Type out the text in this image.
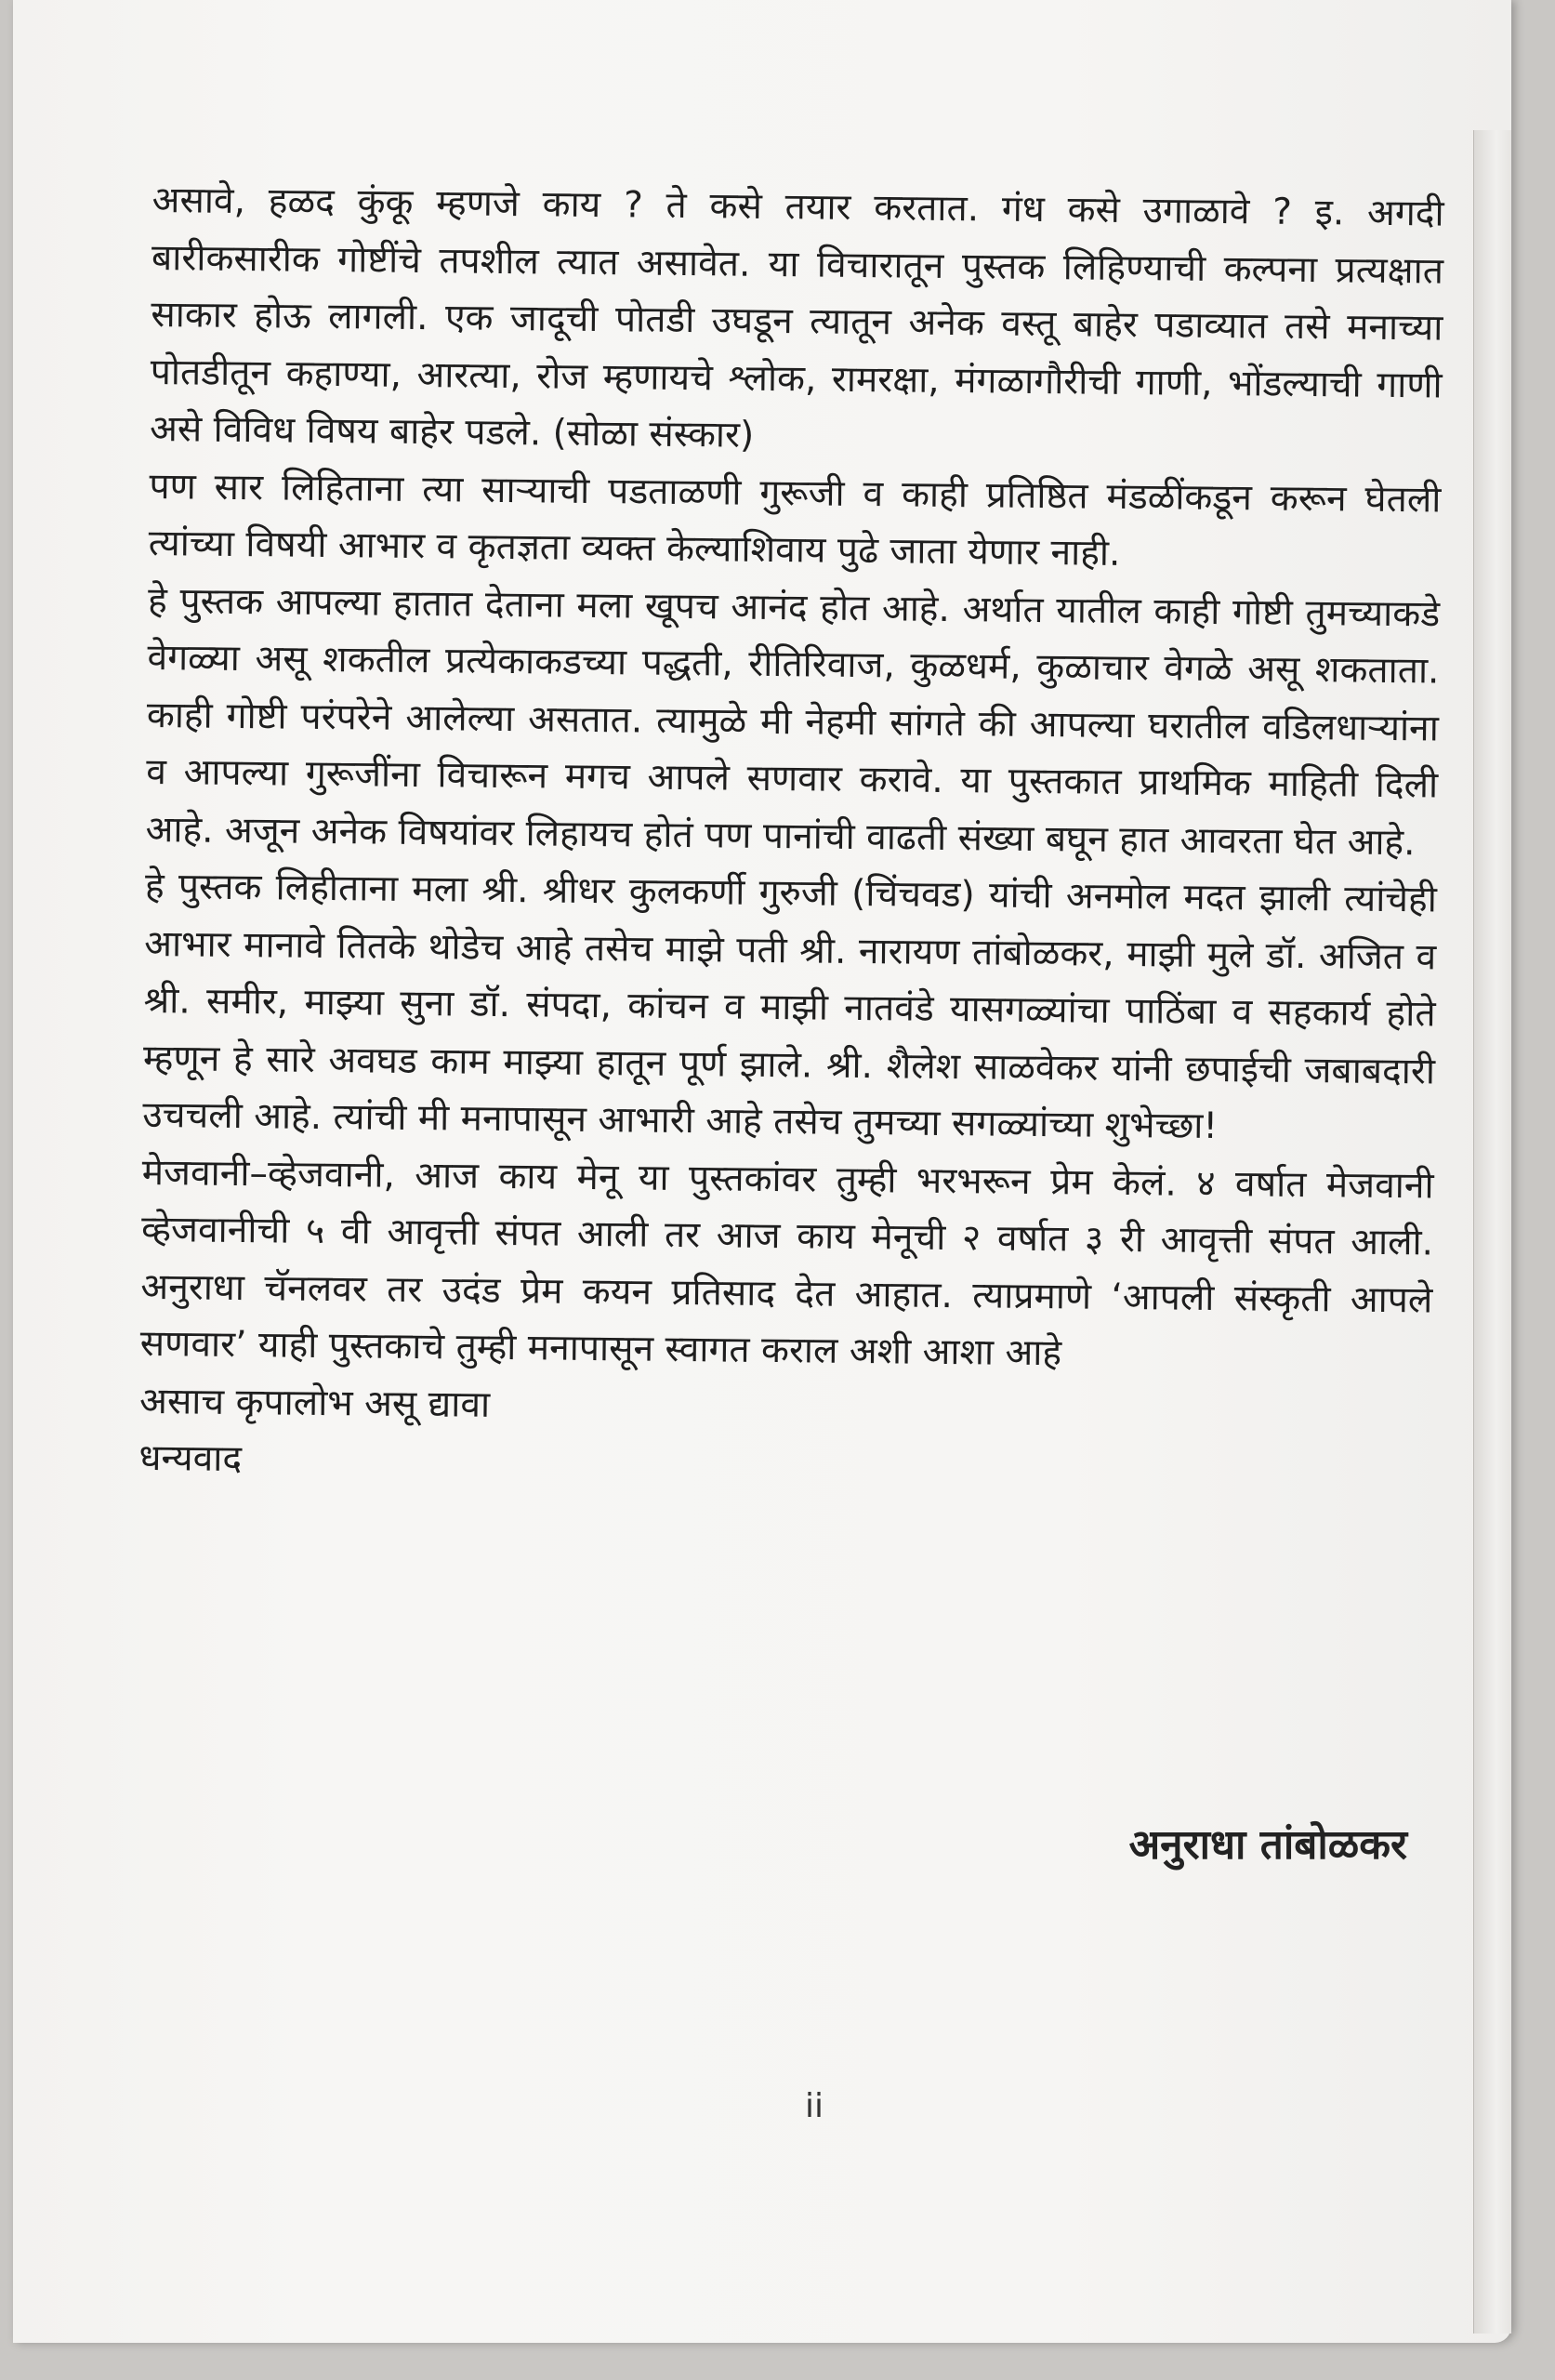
असावे, हळद कुंकू म्हणजे काय ? ते कसे तयार करतात. गंध कसे उगाळावे ? इ. अगदी बारीकसारीक गोष्टींचे तपशील त्यात असावेत. या विचारातून पुस्तक लिहिण्याची कल्पना प्रत्यक्षात साकार होऊ लागली. एक जादूची पोतडी उघडून त्यातून अनेक वस्तू बाहेर पडाव्यात तसे मनाच्या पोतडीतून कहाण्या, आरत्या, रोज म्हणायचे श्लोक, रामरक्षा, मंगळागौरीची गाणी, भोंडल्याची गाणी असे विविध विषय बाहेर पडले. (सोळा संस्कार)

पण सार लिहिताना त्या साऱ्याची पडताळणी गुरूजी व काही प्रतिष्ठित मंडळींकडून करून घेतली त्यांच्या विषयी आभार व कृतज्ञता व्यक्त केल्याशिवाय पुढे जाता येणार नाही.

हे पुस्तक आपल्या हातात देताना मला खूपच आनंद होत आहे. अर्थात यातील काही गोष्टी तुमच्याकडे वेगळ्या असू शकतील प्रत्येकाकडच्या पद्धती, रीतिरिवाज, कुळधर्म, कुळाचार वेगळे असू शकताता. काही गोष्टी परंपरेने आलेल्या असतात. त्यामुळे मी नेहमी सांगते की आपल्या घरातील वडिलधाऱ्यांना व आपल्या गुरूजींना विचारून मगच आपले सणवार करावे. या पुस्तकात प्राथमिक माहिती दिली आहे. अजून अनेक विषयांवर लिहायच होतं पण पानांची वाढती संख्या बघून हात आवरता घेत आहे.

हे पुस्तक लिहीताना मला श्री. श्रीधर कुलकर्णी गुरुजी (चिंचवड) यांची अनमोल मदत झाली त्यांचेही आभार मानावे तितके थोडेच आहे तसेच माझे पती श्री. नारायण तांबोळकर, माझी मुले डॉ. अजित व श्री. समीर, माझ्या सुना डॉ. संपदा, कांचन व माझी नातवंडे यासगळ्यांचा पाठिंबा व सहकार्य होते म्हणून हे सारे अवघड काम माझ्या हातून पूर्ण झाले. श्री. शैलेश साळवेकर यांनी छपाईची जबाबदारी उचचली आहे. त्यांची मी मनापासून आभारी आहे तसेच तुमच्या सगळ्यांच्या शुभेच्छा!

मेजवानी–व्हेजवानी, आज काय मेनू या पुस्तकांवर तुम्ही भरभरून प्रेम केलं. ४ वर्षात मेजवानी व्हेजवानीची ५ वी आवृत्ती संपत आली तर आज काय मेनूची २ वर्षात ३ री आवृत्ती संपत आली. अनुराधा चॅनलवर तर उदंड प्रेम कयन प्रतिसाद देत आहात. त्याप्रमाणे ‘आपली संस्कृती आपले सणवार’ याही पुस्तकाचे तुम्ही मनापासून स्वागत कराल अशी आशा आहे

असाच कृपालोभ असू द्यावा

धन्यवाद

अनुराधा तांबोळकर
ii
